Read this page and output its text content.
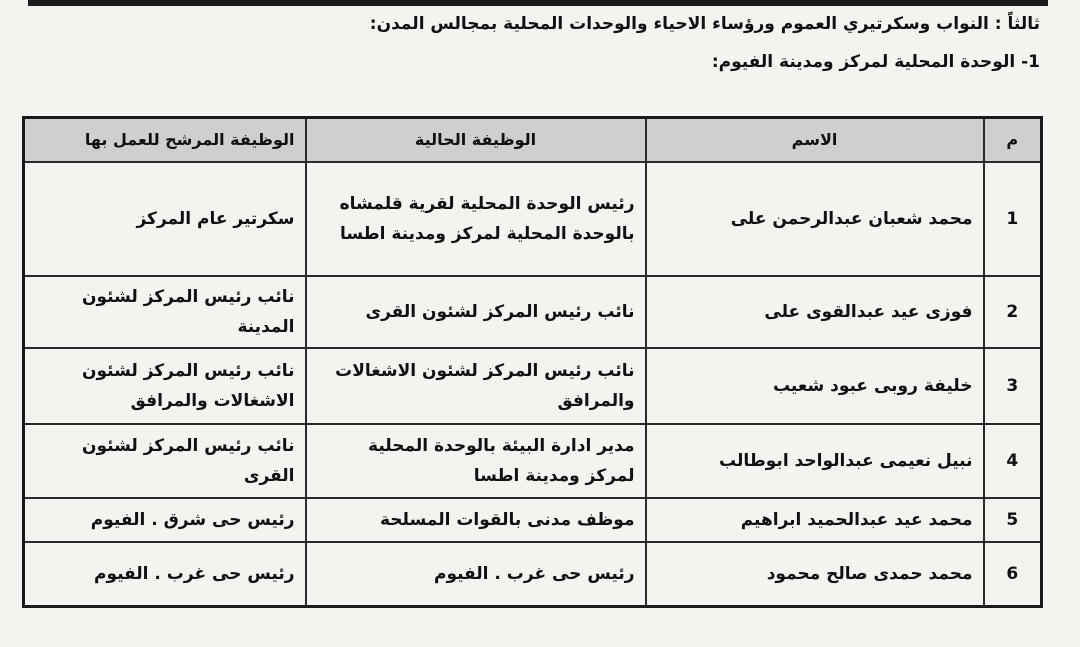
ثالثاً : النواب وسكرتيري العموم ورؤساء الاحياء والوحدات المحلية بمجالس المدن:
1- الوحدة المحلية لمركز ومدينة الفيوم:
م	الاسم	الوظيفة الحالية	الوظيفة المرشح للعمل بها
1	محمد شعبان عبدالرحمن على	رئيس الوحدة المحلية لقرية قلمشاه بالوحدة المحلية لمركز ومدينة اطسا	سكرتير عام المركز
2	فوزى عيد عبدالقوى على	نائب رئيس المركز لشئون القرى	نائب رئيس المركز لشئون المدينة
3	خليفة روبى عبود شعيب	نائب رئيس المركز لشئون الاشغالات والمرافق	نائب رئيس المركز لشئون الاشغالات والمرافق
4	نبيل نعيمى عبدالواحد ابوطالب	مدير ادارة البيئة بالوحدة المحلية لمركز ومدينة اطسا	نائب رئيس المركز لشئون القرى
5	محمد عيد عبدالحميد ابراهيم	موظف مدنى بالقوات المسلحة	رئيس حى شرق . الفيوم
6	محمد حمدى صالح محمود	رئيس حى غرب . الفيوم	رئيس حى غرب . الفيوم
